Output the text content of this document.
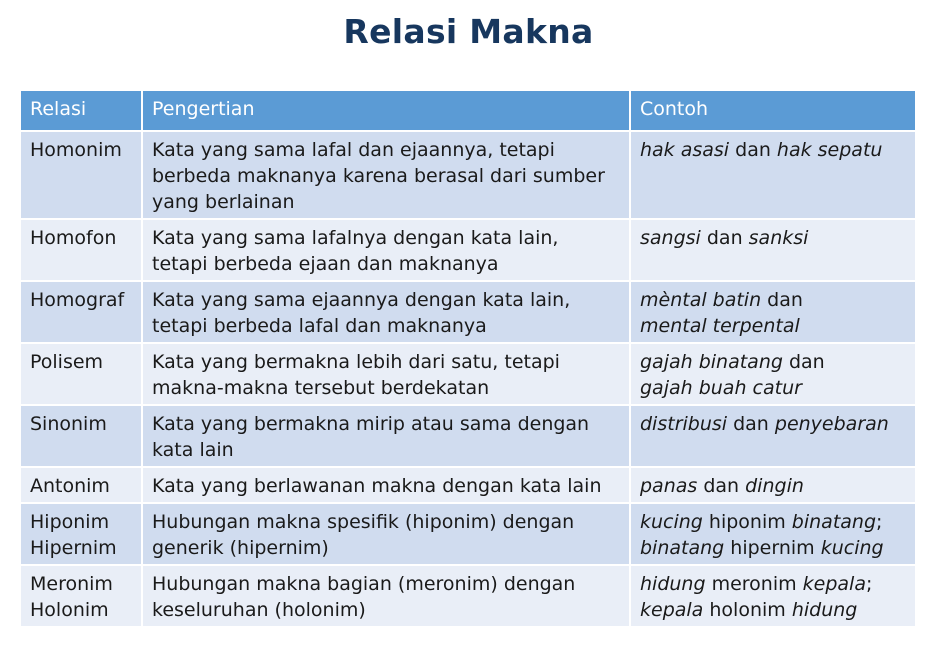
Relasi Makna
Relasi	Pengertian	Contoh

Homonim	Kata yang sama lafal dan ejaannya, tetapi
berbeda maknanya karena berasal dari sumber
yang berlainan	hak asasi dan hak sepatu

Homofon	Kata yang sama lafalnya dengan kata lain,
tetapi berbeda ejaan dan maknanya	sangsi dan sanksi

Homograf	Kata yang sama ejaannya dengan kata lain,
tetapi berbeda lafal dan maknanya	mèntal batin dan
mental terpental

Polisem	Kata yang bermakna lebih dari satu, tetapi
makna-makna tersebut berdekatan	gajah binatang dan
gajah buah catur

Sinonim	Kata yang bermakna mirip atau sama dengan
kata lain	distribusi dan penyebaran

Antonim	Kata yang berlawanan makna dengan kata lain	panas dan dingin

Hiponim
Hipernim	Hubungan makna spesifik (hiponim) dengan
generik (hipernim)	kucing hiponim binatang;
binatang hipernim kucing

Meronim
Holonim	Hubungan makna bagian (meronim) dengan
keseluruhan (holonim)	hidung meronim kepala;
kepala holonim hidung
